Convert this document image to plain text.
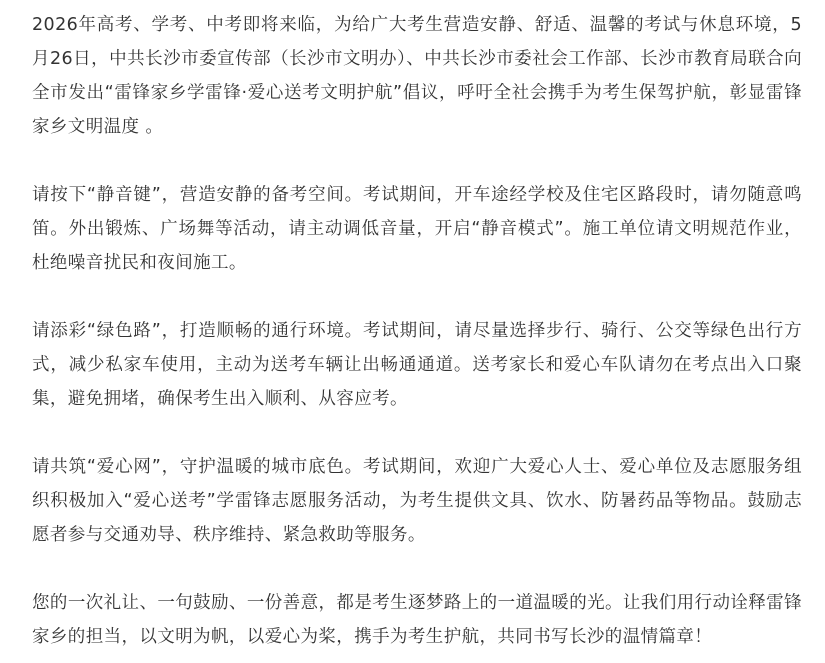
2026年高考、学考、中考即将来临，为给广大考生营造安静、舒适、温馨的考试与休息环境，5月26日，中共长沙市委宣传部（长沙市文明办）、中共长沙市委社会工作部、长沙市教育局联合向全市发出“雷锋家乡学雷锋·爱心送考文明护航”倡议，呼吁全社会携手为考生保驾护航，彰显雷锋家乡文明温度 。

请按下“静音键”，营造安静的备考空间。考试期间，开车途经学校及住宅区路段时，请勿随意鸣笛。外出锻炼、广场舞等活动，请主动调低音量，开启“静音模式”。施工单位请文明规范作业，杜绝噪音扰民和夜间施工。

请添彩“绿色路”，打造顺畅的通行环境。考试期间，请尽量选择步行、骑行、公交等绿色出行方式，减少私家车使用，主动为送考车辆让出畅通通道。送考家长和爱心车队请勿在考点出入口聚集，避免拥堵，确保考生出入顺利、从容应考。

请共筑“爱心网”，守护温暖的城市底色。考试期间，欢迎广大爱心人士、爱心单位及志愿服务组织积极加入“爱心送考”学雷锋志愿服务活动，为考生提供文具、饮水、防暑药品等物品。鼓励志愿者参与交通劝导、秩序维持、紧急救助等服务。

您的一次礼让、一句鼓励、一份善意，都是考生逐梦路上的一道温暖的光。让我们用行动诠释雷锋家乡的担当，以文明为帆，以爱心为桨，携手为考生护航，共同书写长沙的温情篇章！
